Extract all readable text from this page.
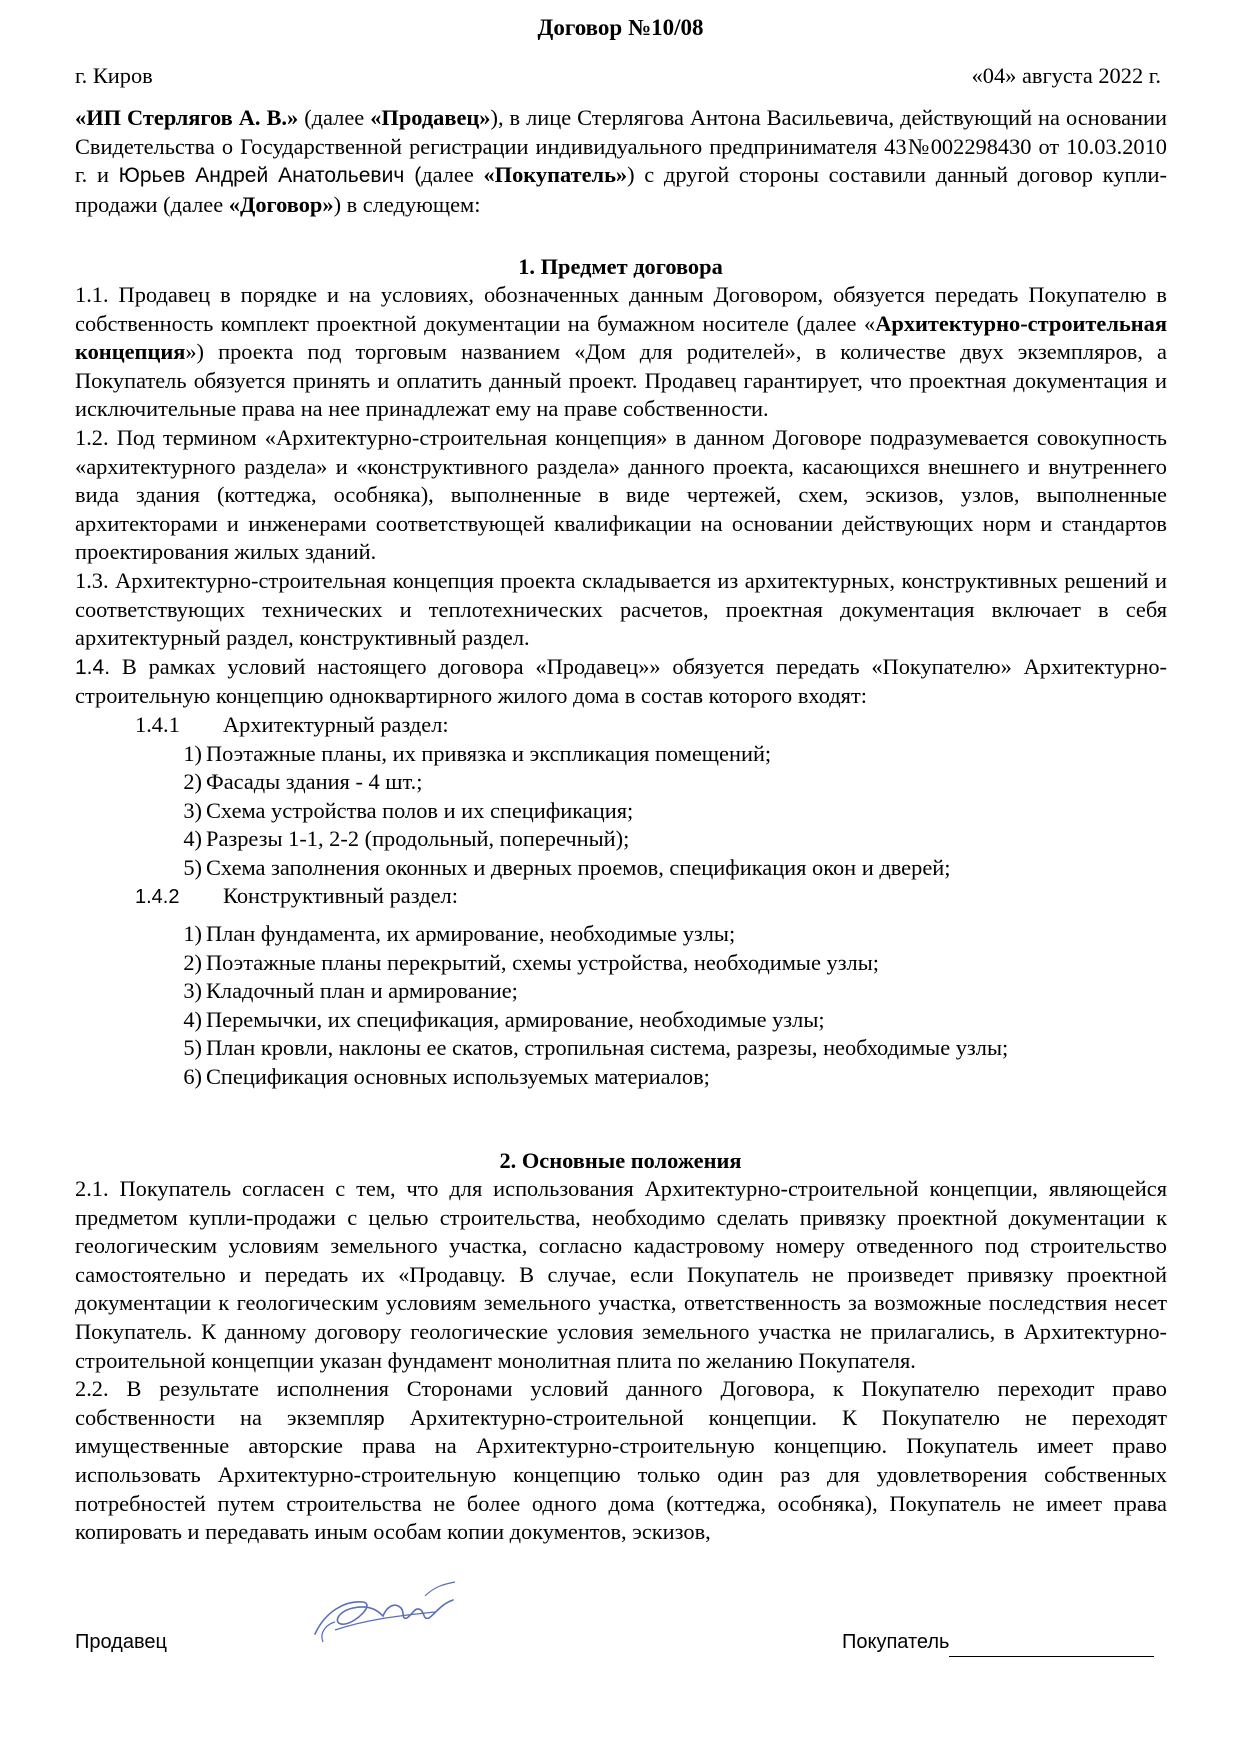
Договор №10/08
г. Киров	«04» августа 2022 г.

«ИП Стерлягов А. В.» (далее «Продавец»), в лице Стерлягова Антона Васильевича, действующий на основании Свидетельства о Государственной регистрации индивидуального предпринимателя 43№002298430 от 10.03.2010 г. и Юрьев Андрей Анатольевич (далее «Покупатель») с другой стороны составили данный договор купли-продажи (далее «Договор») в следующем:

1. Предмет договора

1.1. Продавец в порядке и на условиях, обозначенных данным Договором, обязуется передать Покупателю в собственность комплект проектной документации на бумажном носителе (далее «Архитектурно-строительная концепция») проекта под торговым названием «Дом для родителей», в количестве двух экземпляров, а Покупатель обязуется принять и оплатить данный проект. Продавец гарантирует, что проектная документация и исключительные права на нее принадлежат ему на праве собственности.

1.2. Под термином «Архитектурно-строительная концепция» в данном Договоре подразумевается совокупность «архитектурного раздела» и «конструктивного раздела» данного проекта, касающихся внешнего и внутреннего вида здания (коттеджа, особняка), выполненные в виде чертежей, схем, эскизов, узлов, выполненные архитекторами и инженерами соответствующей квалификации на основании действующих норм и стандартов проектирования жилых зданий.

1.3. Архитектурно-строительная концепция проекта складывается из архитектурных, конструктивных решений и соответствующих технических и теплотехнических расчетов, проектная документация включает в себя архитектурный раздел, конструктивный раздел.

1.4. В рамках условий настоящего договора «Продавец»» обязуется передать «Покупателю» Архитектурно-строительную концепцию одноквартирного жилого дома в состав которого входят:

1.4.1 Архитектурный раздел:
1) Поэтажные планы, их привязка и экспликация помещений;
2) Фасады здания - 4 шт.;
3) Схема устройства полов и их спецификация;
4) Разрезы 1-1, 2-2 (продольный, поперечный);
5) Схема заполнения оконных и дверных проемов, спецификация окон и дверей;
1.4.2 Конструктивный раздел:
1) План фундамента, их армирование, необходимые узлы;
2) Поэтажные планы перекрытий, схемы устройства, необходимые узлы;
3) Кладочный план и армирование;
4) Перемычки, их спецификация, армирование, необходимые узлы;
5) План кровли, наклоны ее скатов, стропильная система, разрезы, необходимые узлы;
6) Спецификация основных используемых материалов;
2. Основные положения

2.1. Покупатель согласен с тем, что для использования Архитектурно-строительной концепции, являющейся предметом купли-продажи с целью строительства, необходимо сделать привязку проектной документации к геологическим условиям земельного участка, согласно кадастровому номеру отведенного под строительство самостоятельно и передать их «Продавцу. В случае, если Покупатель не произведет привязку проектной документации к геологическим условиям земельного участка, ответственность за возможные последствия несет Покупатель. К данному договору геологические условия земельного участка не прилагались, в Архитектурно-строительной концепции указан фундамент монолитная плита по желанию Покупателя.

2.2. В результате исполнения Сторонами условий данного Договора, к Покупателю переходит право собственности на экземпляр Архитектурно-строительной концепции. К Покупателю не переходят имущественные авторские права на Архитектурно-строительную концепцию. Покупатель имеет право использовать Архитектурно-строительную концепцию только один раз для удовлетворения собственных потребностей путем строительства не более одного дома (коттеджа, особняка), Покупатель не имеет права копировать и передавать иным особам копии документов, эскизов,

Продавец	Покупатель
